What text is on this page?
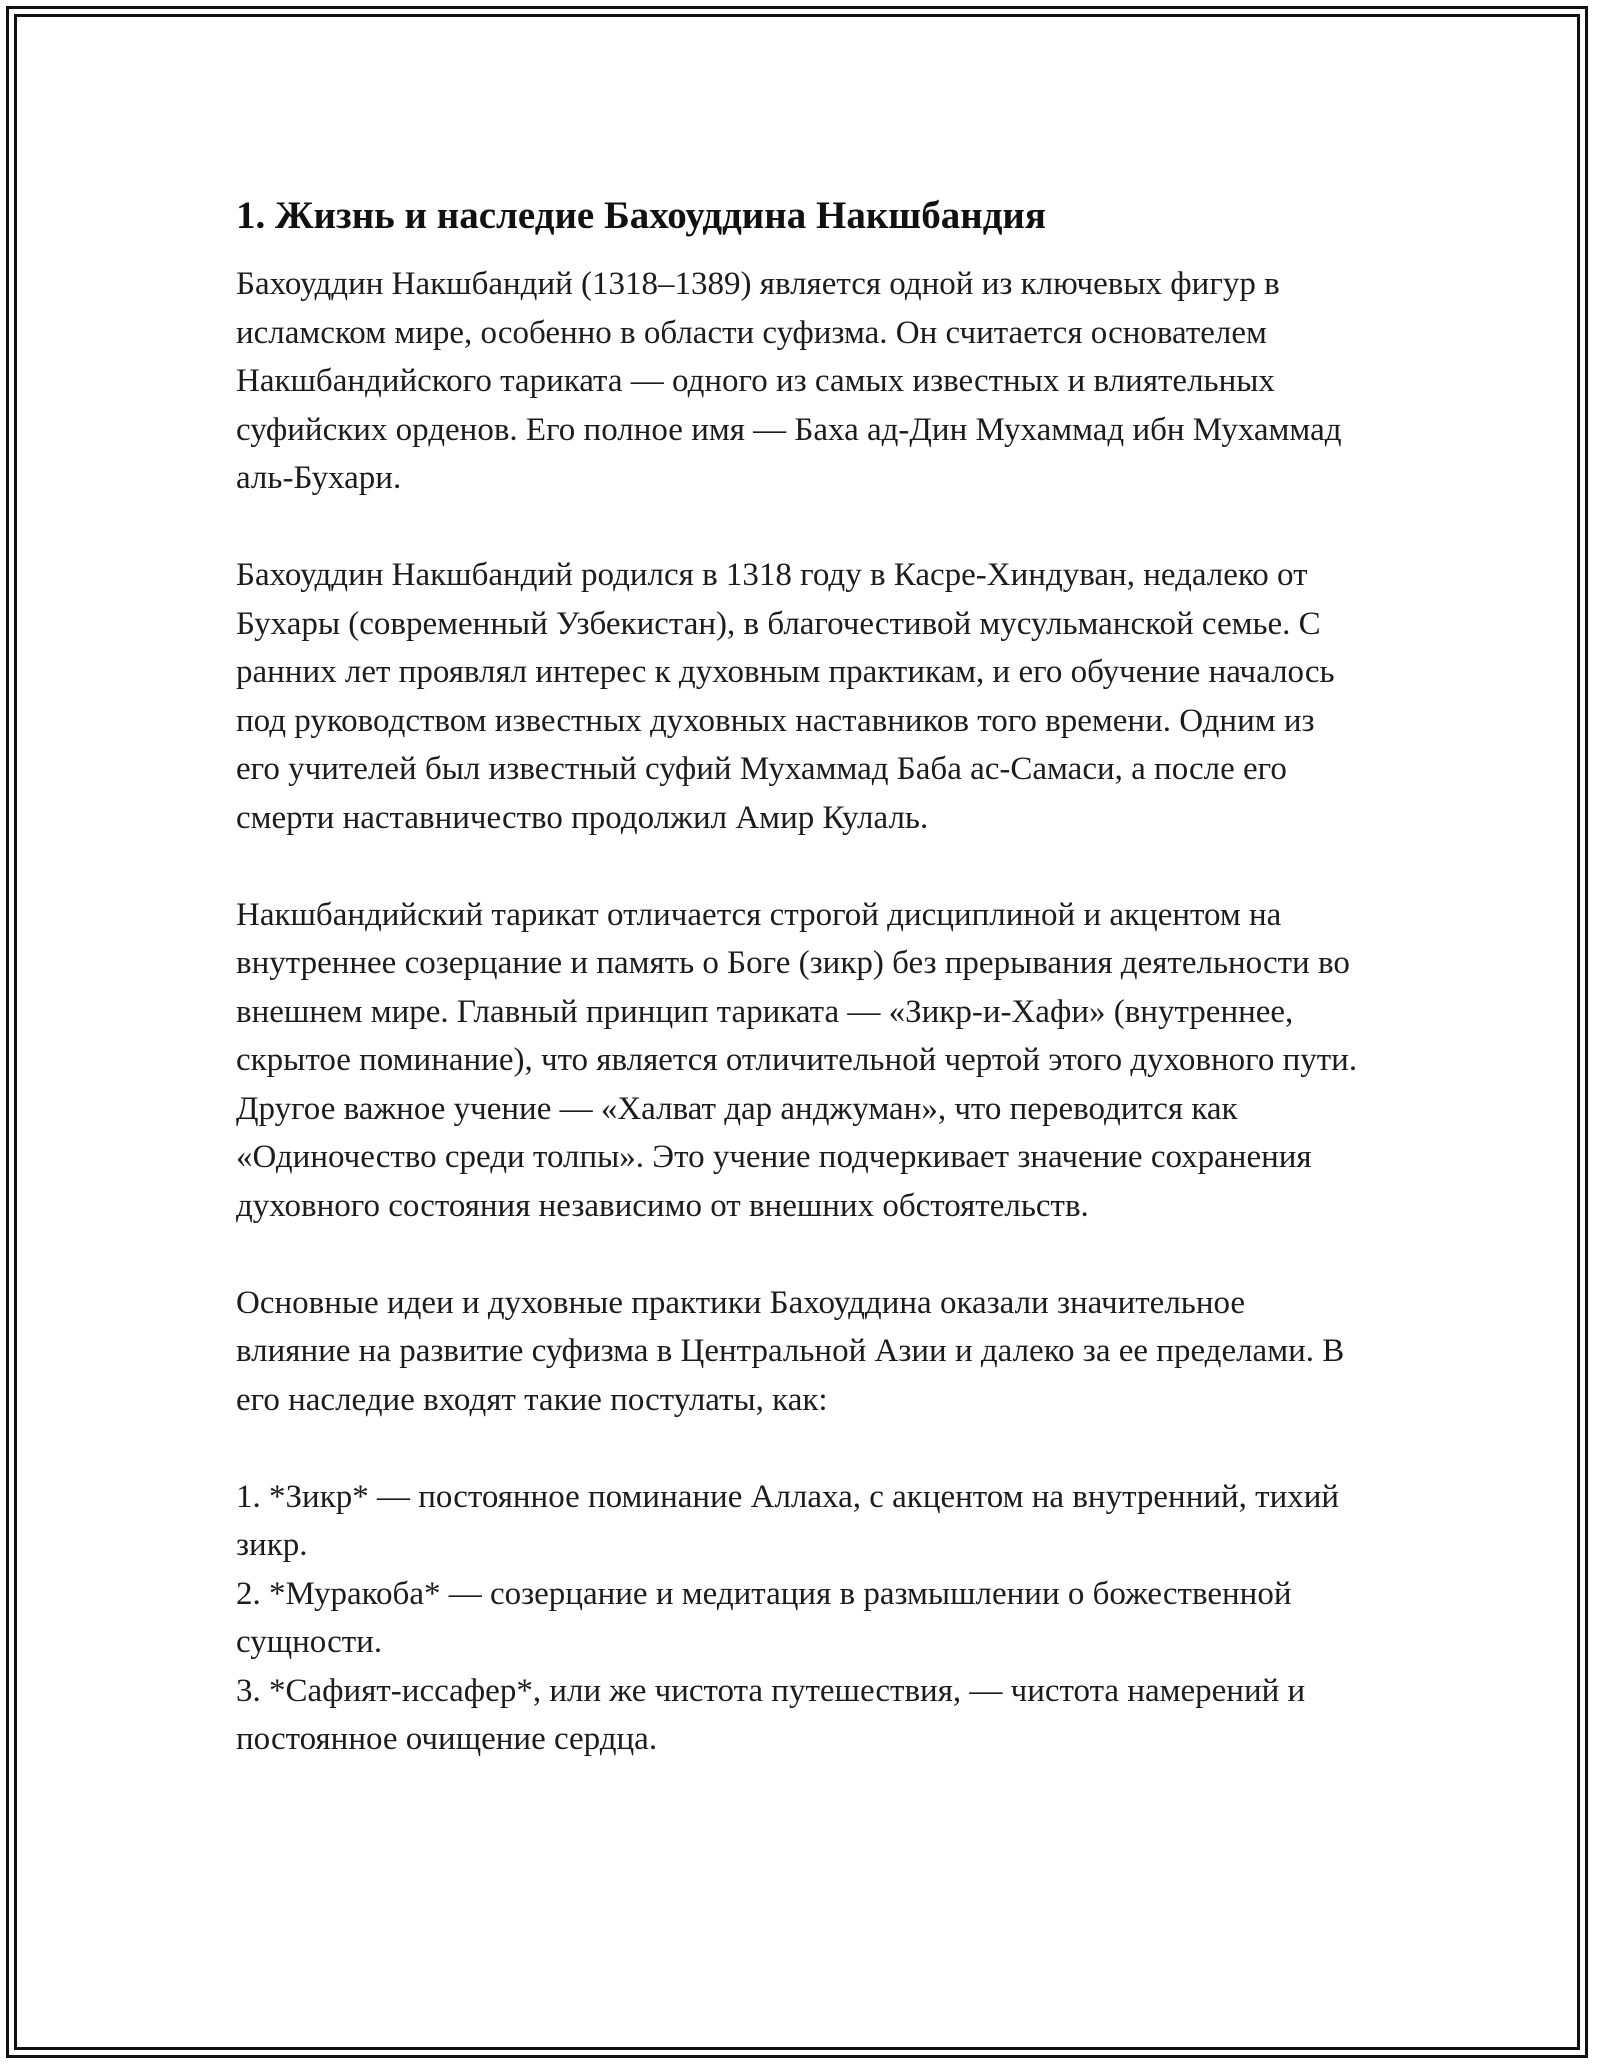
1. Жизнь и наследие Бахоуддина Накшбандия

Бахоуддин Накшбандий (1318–1389) является одной из ключевых фигур в исламском мире, особенно в области суфизма. Он считается основателем Накшбандийского тариката — одного из самых известных и влиятельных суфийских орденов. Его полное имя — Баха ад-Дин Мухаммад ибн Мухаммад аль-Бухари.

Бахоуддин Накшбандий родился в 1318 году в Касре-Хиндуван, недалеко от Бухары (современный Узбекистан), в благочестивой мусульманской семье. С ранних лет проявлял интерес к духовным практикам, и его обучение началось под руководством известных духовных наставников того времени. Одним из его учителей был известный суфий Мухаммад Баба ас-Самаси, а после его смерти наставничество продолжил Амир Кулаль.

Накшбандийский тарикат отличается строгой дисциплиной и акцентом на внутреннее созерцание и память о Боге (зикр) без прерывания деятельности во внешнем мире. Главный принцип тариката — «Зикр-и-Хафи» (внутреннее, скрытое поминание), что является отличительной чертой этого духовного пути. Другое важное учение — «Халват дар анджуман», что переводится как «Одиночество среди толпы». Это учение подчеркивает значение сохранения духовного состояния независимо от внешних обстоятельств.

Основные идеи и духовные практики Бахоуддина оказали значительное влияние на развитие суфизма в Центральной Азии и далеко за ее пределами. В его наследие входят такие постулаты, как:

1. *Зикр* — постоянное поминание Аллаха, с акцентом на внутренний, тихий зикр.
2. *Муракоба* — созерцание и медитация в размышлении о божественной сущности.
3. *Сафият-иссафер*, или же чистота путешествия, — чистота намерений и постоянное очищение сердца.
